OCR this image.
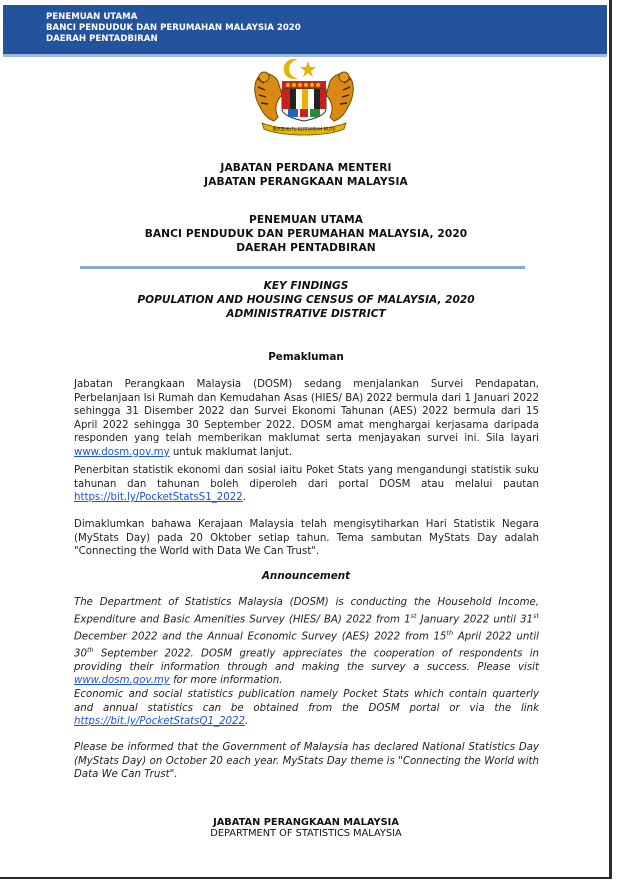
PENEMUAN UTAMA
BANCI PENDUDUK DAN PERUMAHAN MALAYSIA 2020
DAERAH PENTADBIRAN
BERSEKUTU BERTAMBAH MUTU
JABATAN PERDANA MENTERI
JABATAN PERANGKAAN MALAYSIA
PENEMUAN UTAMA
BANCI PENDUDUK DAN PERUMAHAN MALAYSIA, 2020
DAERAH PENTADBIRAN
KEY FINDINGS
POPULATION AND HOUSING CENSUS OF MALAYSIA, 2020
ADMINISTRATIVE DISTRICT
Pemakluman
Jabatan Perangkaan Malaysia (DOSM) sedang menjalankan Survei Pendapatan, Perbelanjaan Isi Rumah dan Kemudahan Asas (HIES/ BA) 2022 bermula dari 1 Januari 2022 sehingga 31 Disember 2022 dan Survei Ekonomi Tahunan (AES) 2022 bermula dari 15 April 2022 sehingga 30 September 2022. DOSM amat menghargai kerjasama daripada responden yang telah memberikan maklumat serta menjayakan survei ini. Sila layari www.dosm.gov.my untuk maklumat lanjut.
Penerbitan statistik ekonomi dan sosial iaitu Poket Stats yang mengandungi statistik suku tahunan dan tahunan boleh diperoleh dari portal DOSM atau melalui pautan https://bit.ly/PocketStatsS1_2022.
Dimaklumkan bahawa Kerajaan Malaysia telah mengisytiharkan Hari Statistik Negara (MyStats Day) pada 20 Oktober setiap tahun. Tema sambutan MyStats Day adalah "Connecting the World with Data We Can Trust".
Announcement
The Department of Statistics Malaysia (DOSM) is conducting the Household Income, Expenditure and Basic Amenities Survey (HIES/ BA) 2022 from 1st January 2022 until 31st December 2022 and the Annual Economic Survey (AES) 2022 from 15th April 2022 until 30th September 2022. DOSM greatly appreciates the cooperation of respondents in providing their information through and making the survey a success. Please visit www.dosm.gov.my for more information.
Economic and social statistics publication namely Pocket Stats which contain quarterly and annual statistics can be obtained from the DOSM portal or via the link https://bit.ly/PocketStatsQ1_2022.
Please be informed that the Government of Malaysia has declared National Statistics Day (MyStats Day) on October 20 each year. MyStats Day theme is "Connecting the World with Data We Can Trust".
JABATAN PERANGKAAN MALAYSIA
DEPARTMENT OF STATISTICS MALAYSIA
